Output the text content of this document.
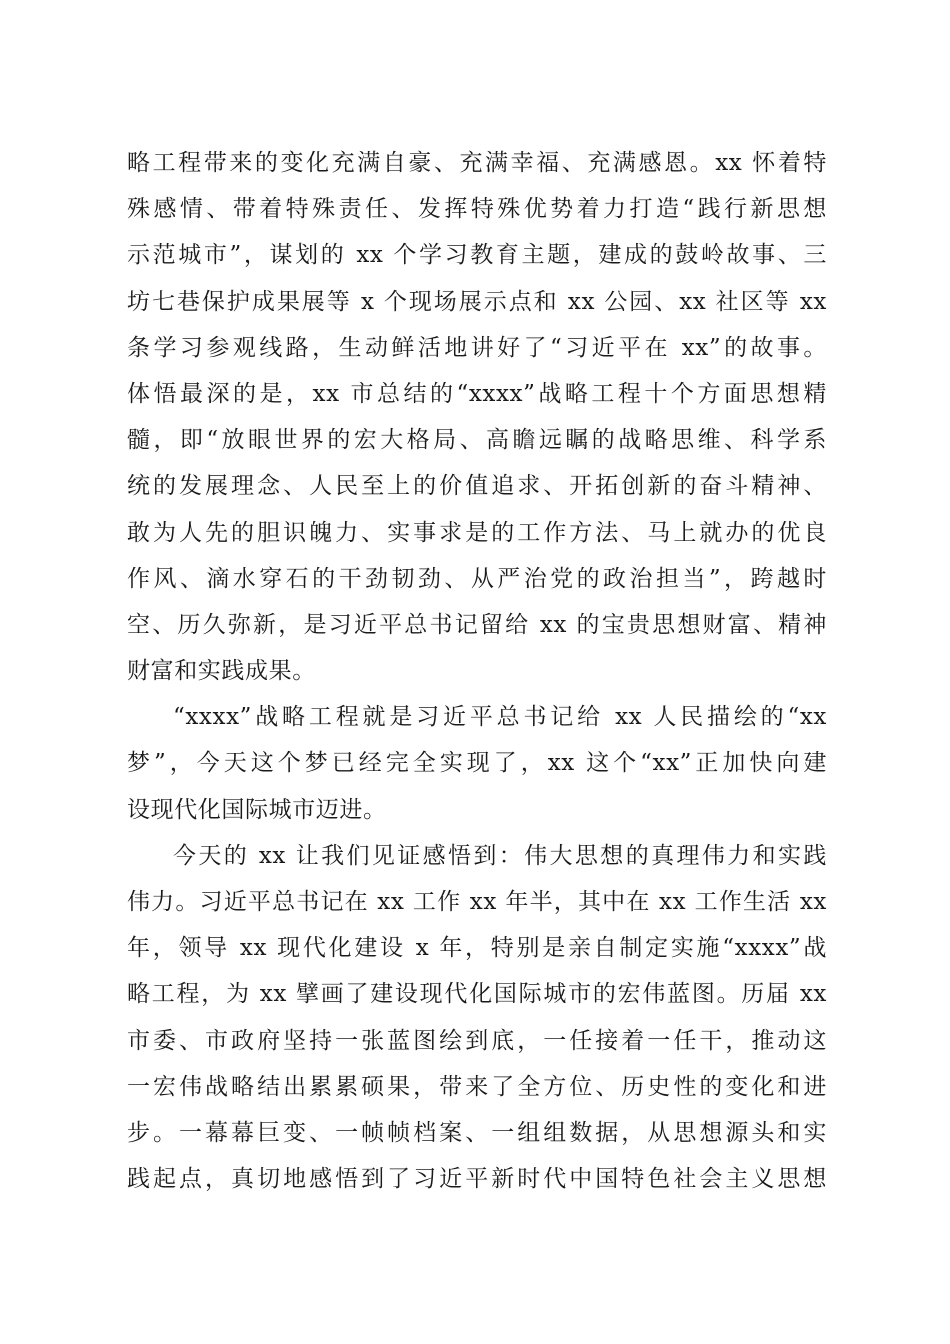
略工程带来的变化充满自豪、充满幸福、充满感恩。xx 怀着特
殊感情、带着特殊责任、发挥特殊优势着力打造“践行新思想
示范城市”，谋划的 xx 个学习教育主题，建成的鼓岭故事、三
坊七巷保护成果展等 x 个现场展示点和 xx 公园、xx 社区等 xx
条学习参观线路，生动鲜活地讲好了“习近平在 xx”的故事。
体悟最深的是，xx 市总结的“xxxx”战略工程十个方面思想精
髓，即“放眼世界的宏大格局、高瞻远瞩的战略思维、科学系
统的发展理念、人民至上的价值追求、开拓创新的奋斗精神、
敢为人先的胆识魄力、实事求是的工作方法、马上就办的优良
作风、滴水穿石的干劲韧劲、从严治党的政治担当”，跨越时
空、历久弥新，是习近平总书记留给 xx 的宝贵思想财富、精神
财富和实践成果。
“xxxx”战略工程就是习近平总书记给 xx 人民描绘的“xx
梦”，今天这个梦已经完全实现了，xx 这个“xx”正加快向建
设现代化国际城市迈进。
今天的 xx 让我们见证感悟到：伟大思想的真理伟力和实践
伟力。习近平总书记在 xx 工作 xx 年半，其中在 xx 工作生活 xx
年，领导 xx 现代化建设 x 年，特别是亲自制定实施“xxxx”战
略工程，为 xx 擘画了建设现代化国际城市的宏伟蓝图。历届 xx
市委、市政府坚持一张蓝图绘到底，一任接着一任干，推动这
一宏伟战略结出累累硕果，带来了全方位、历史性的变化和进
步。一幕幕巨变、一帧帧档案、一组组数据，从思想源头和实
践起点，真切地感悟到了习近平新时代中国特色社会主义思想
